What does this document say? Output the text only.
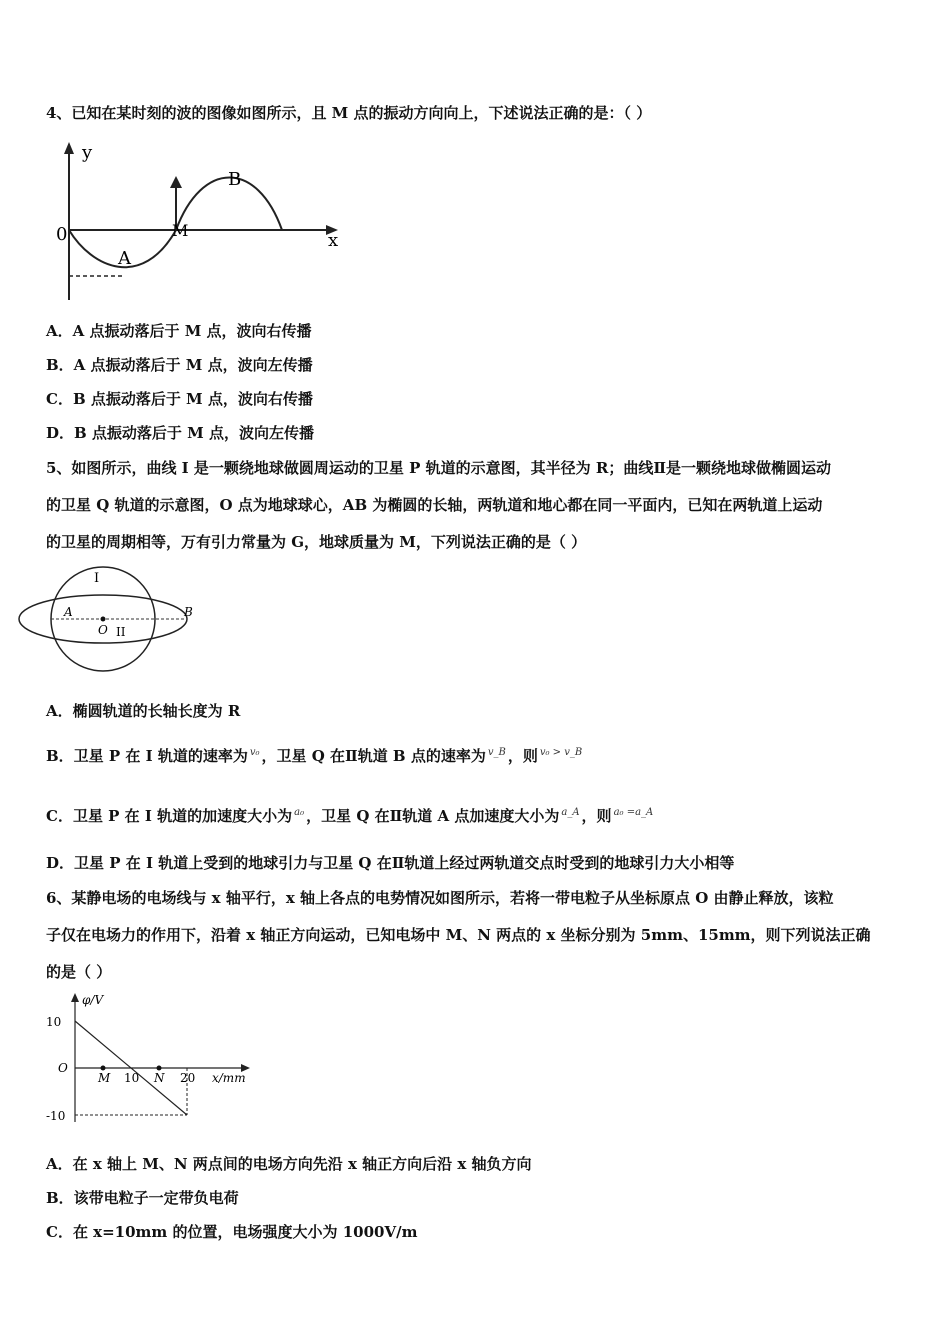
4、已知在某时刻的波的图像如图所示，且 M 点的振动方向向上，下述说法正确的是：（ ）
y
x
0
A
B
M
A．A 点振动落后于 M 点，波向右传播
B．A 点振动落后于 M 点，波向左传播
C．B 点振动落后于 M 点，波向右传播
D．B 点振动落后于 M 点，波向左传播
5、如图所示，曲线 I 是一颗绕地球做圆周运动的卫星 P 轨道的示意图，其半径为 R；曲线Ⅱ是一颗绕地球做椭圆运动
的卫星 Q 轨道的示意图，O 点为地球球心，AB 为椭圆的长轴，两轨道和地心都在同一平面内，已知在两轨道上运动
的卫星的周期相等，万有引力常量为 G，地球质量为 M，下列说法正确的是（ ）
I
II
A	B
O
A．椭圆轨道的长轴长度为 R
B．卫星 P 在 I 轨道的速率为 $^{v_0}$ ，卫星 Q 在Ⅱ轨道 B 点的速率为 $^{v\_B}$ ，则 $^{v_0 > v\_B}$
C．卫星 P 在 I 轨道的加速度大小为 $^{a_0}$ ，卫星 Q 在Ⅱ轨道 A 点加速度大小为 $^{a\_A}$ ，则 $^{a_0 =a\_A}$
D．卫星 P 在 I 轨道上受到的地球引力与卫星 Q 在Ⅱ轨道上经过两轨道交点时受到的地球引力大小相等
6、某静电场的电场线与 x 轴平行，x 轴上各点的电势情况如图所示，若将一带电粒子从坐标原点 O 由静止释放，该粒
子仅在电场力的作用下，沿着 x 轴正方向运动，已知电场中 M、N 两点的 x 坐标分别为 5mm、15mm，则下列说法正确
的是（ ）
φ/V
x/mm
O
10
-10
10	20
M	N
A．在 x 轴上 M、N 两点间的电场方向先沿 x 轴正方向后沿 x 轴负方向
B．该带电粒子一定带负电荷
C．在 x=10mm 的位置，电场强度大小为 1000V/m
